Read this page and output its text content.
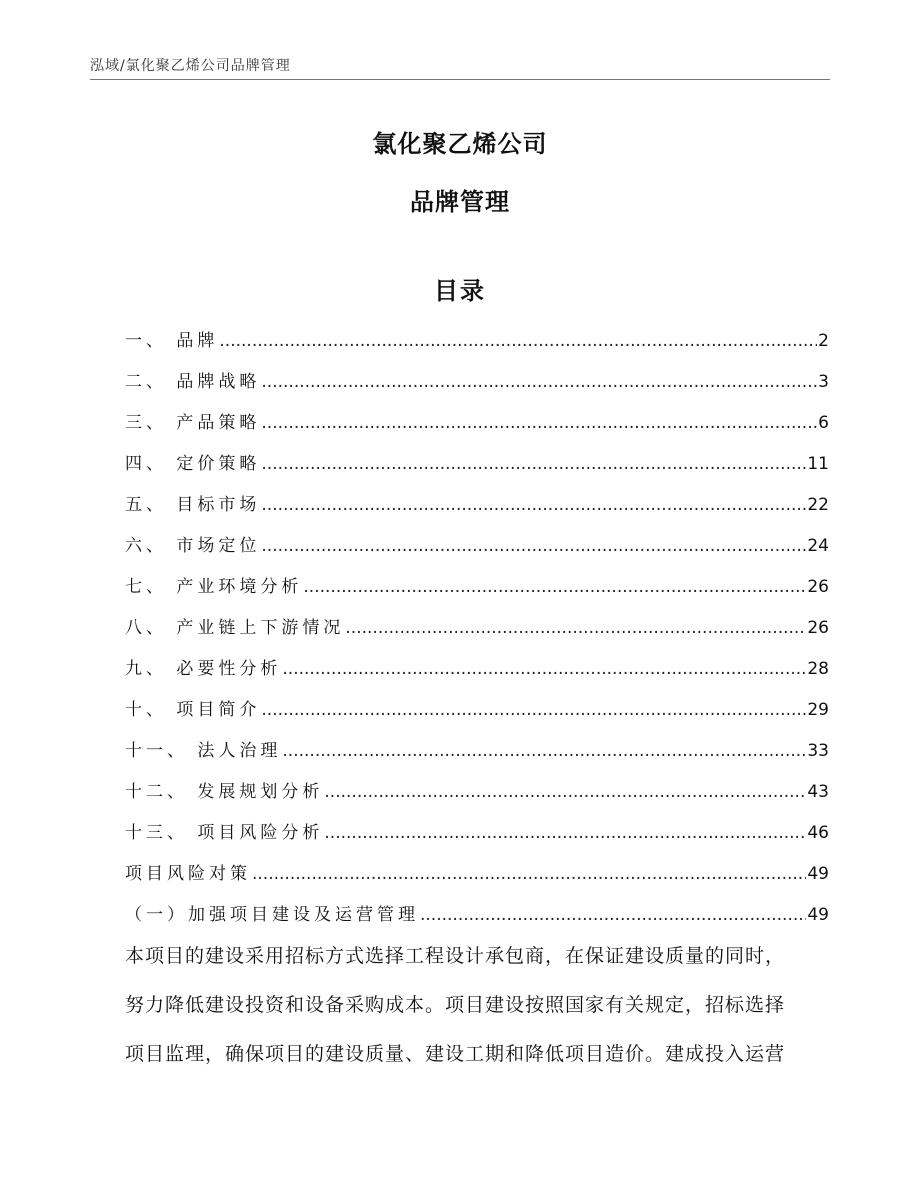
泓域/氯化聚乙烯公司品牌管理
氯化聚乙烯公司
品牌管理
目录
一、 品牌 .....	2
二、 品牌战略 .....	3
三、 产品策略 .....	6
四、 定价策略 .....	11
五、 目标市场 .....	22
六、 市场定位 .....	24
七、 产业环境分析 .....	26
八、 产业链上下游情况 .....	26
九、 必要性分析 .....	28
十、 项目简介 .....	29
十一、 法人治理 .....	33
十二、 发展规划分析 .....	43
十三、 项目风险分析 .....	46
项目风险对策 .....	49
（一）加强项目建设及运营管理 .....	49

本项目的建设采用招标方式选择工程设计承包商，在保证建设质量的同时，

努力降低建设投资和设备采购成本。项目建设按照国家有关规定，招标选择

项目监理，确保项目的建设质量、建设工期和降低项目造价。建成投入运营
